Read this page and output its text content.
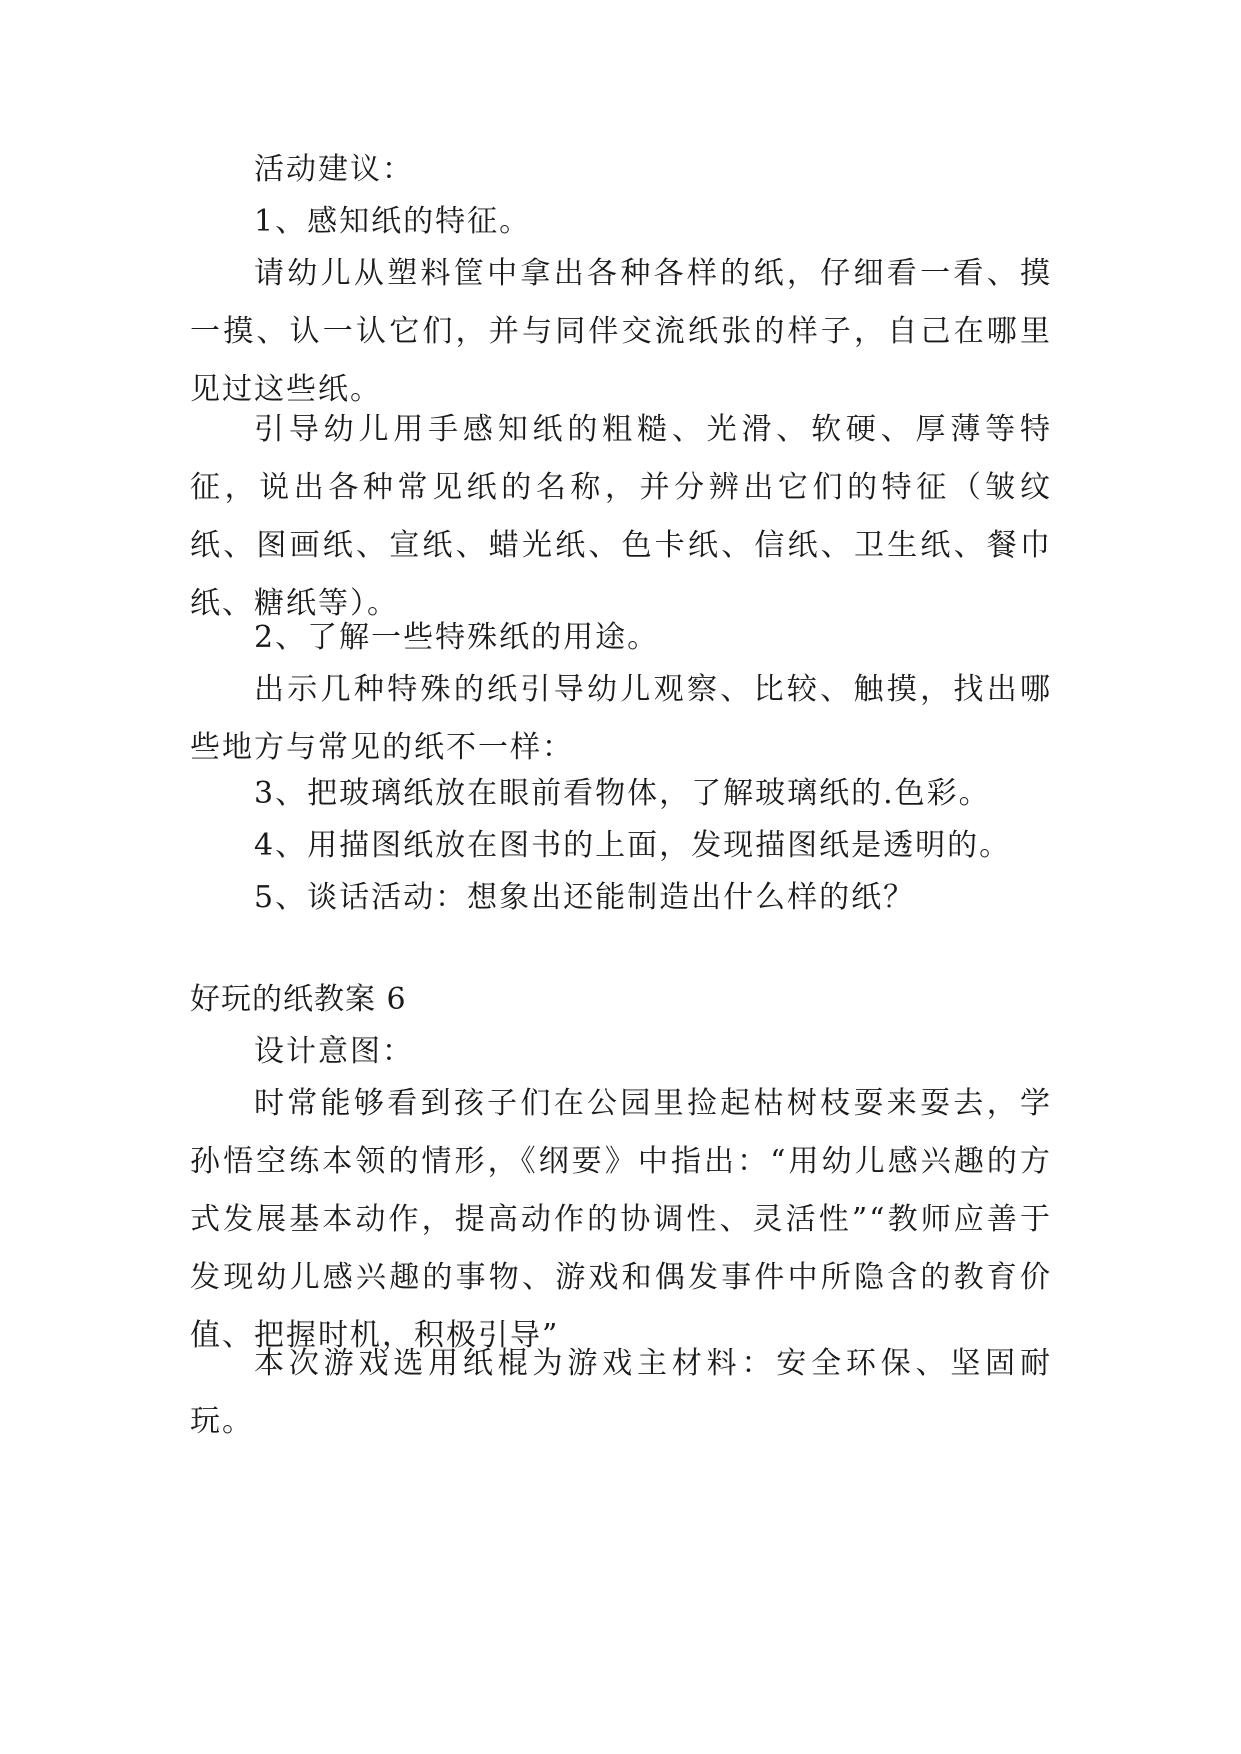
活动建议：

1、感知纸的特征。

请幼儿从塑料筐中拿出各种各样的纸，仔细看一看、摸一摸、认一认它们，并与同伴交流纸张的样子，自己在哪里见过这些纸。

引导幼儿用手感知纸的粗糙、光滑、软硬、厚薄等特征，说出各种常见纸的名称，并分辨出它们的特征（皱纹纸、图画纸、宣纸、蜡光纸、色卡纸、信纸、卫生纸、餐巾纸、糖纸等）。

2、了解一些特殊纸的用途。

出示几种特殊的纸引导幼儿观察、比较、触摸，找出哪些地方与常见的纸不一样：

3、把玻璃纸放在眼前看物体，了解玻璃纸的.色彩。

4、用描图纸放在图书的上面，发现描图纸是透明的。

5、谈话活动：想象出还能制造出什么样的纸？

好玩的纸教案 6

设计意图：

时常能够看到孩子们在公园里捡起枯树枝耍来耍去，学孙悟空练本领的情形，《纲要》中指出：“用幼儿感兴趣的方式发展基本动作，提高动作的协调性、灵活性”“教师应善于发现幼儿感兴趣的事物、游戏和偶发事件中所隐含的教育价值、把握时机，积极引导”

本次游戏选用纸棍为游戏主材料：安全环保、坚固耐玩。
